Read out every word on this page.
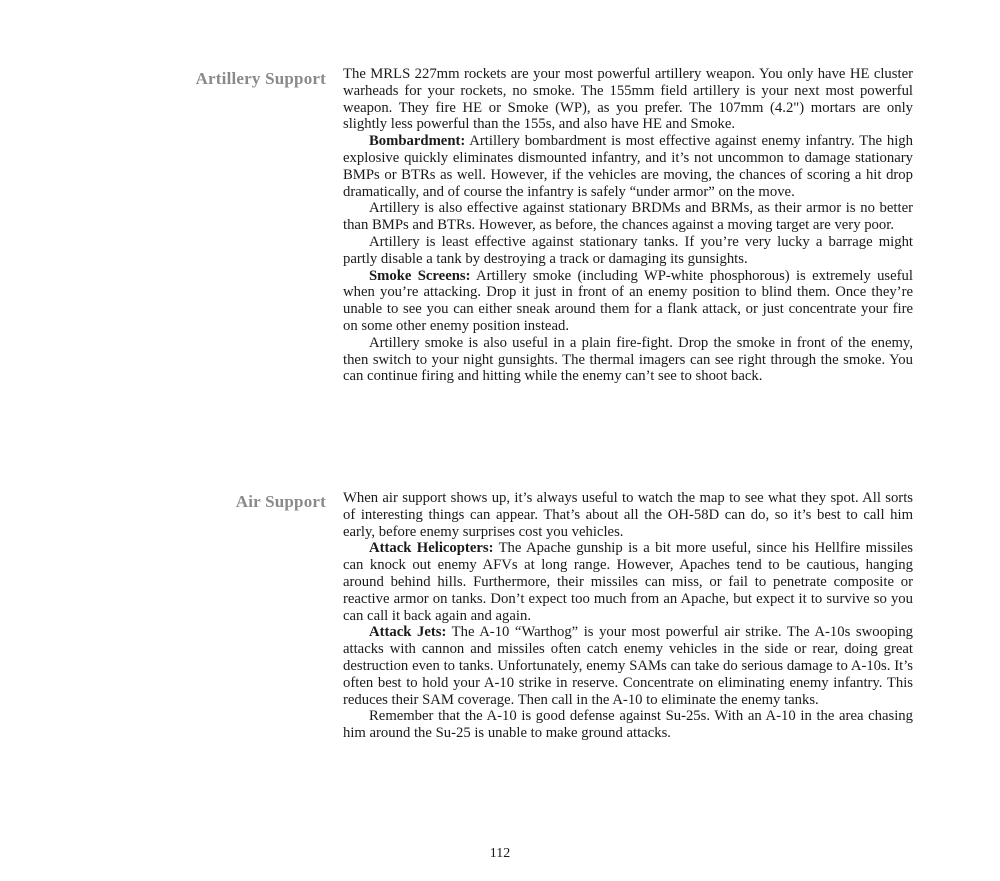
Artillery Support The MRLS 227mm rockets are your most powerful artillery weapon. You only have HE cluster warheads for your rockets, no smoke. The 155mm field artillery is your next most powerful weapon. They fire HE or Smoke (WP), as you prefer. The 107mm (4.2") mortars are only slightly less powerful than the 155s, and also have HE and Smoke.

Bombardment: Artillery bombardment is most effective against enemy infantry. The high explosive quickly eliminates dismounted infantry, and it’s not uncommon to damage stationary BMPs or BTRs as well. However, if the vehicles are moving, the chances of scoring a hit drop dramatically, and of course the infantry is safely “under armor” on the move.

Artillery is also effective against stationary BRDMs and BRMs, as their armor is no better than BMPs and BTRs. However, as before, the chances against a moving target are very poor.

Artillery is least effective against stationary tanks. If you’re very lucky a barrage might partly disable a tank by destroying a track or damaging its gunsights.

Smoke Screens: Artillery smoke (including WP-white phosphorous) is extremely useful when you’re attacking. Drop it just in front of an enemy position to blind them. Once they’re unable to see you can either sneak around them for a flank attack, or just concentrate your fire on some other enemy position instead.

Artillery smoke is also useful in a plain fire-fight. Drop the smoke in front of the enemy, then switch to your night gunsights. The thermal imagers can see right through the smoke. You can continue firing and hitting while the enemy can’t see to shoot back.

Air Support When air support shows up, it’s always useful to watch the map to see what they spot. All sorts of interesting things can appear. That’s about all the OH-58D can do, so it’s best to call him early, before enemy surprises cost you vehicles.

Attack Helicopters: The Apache gunship is a bit more useful, since his Hellfire missiles can knock out enemy AFVs at long range. However, Apaches tend to be cautious, hanging around behind hills. Furthermore, their missiles can miss, or fail to penetrate composite or reactive armor on tanks. Don’t expect too much from an Apache, but expect it to survive so you can call it back again and again.

Attack Jets: The A-10 “Warthog” is your most powerful air strike. The A-10s swooping attacks with cannon and missiles often catch enemy vehicles in the side or rear, doing great destruction even to tanks. Unfortunately, enemy SAMs can take do serious damage to A-10s. It’s often best to hold your A-10 strike in reserve. Concentrate on eliminating enemy infantry. This reduces their SAM coverage. Then call in the A-10 to eliminate the enemy tanks.

Remember that the A-10 is good defense against Su-25s. With an A-10 in the area chasing him around the Su-25 is unable to make ground attacks.

112
